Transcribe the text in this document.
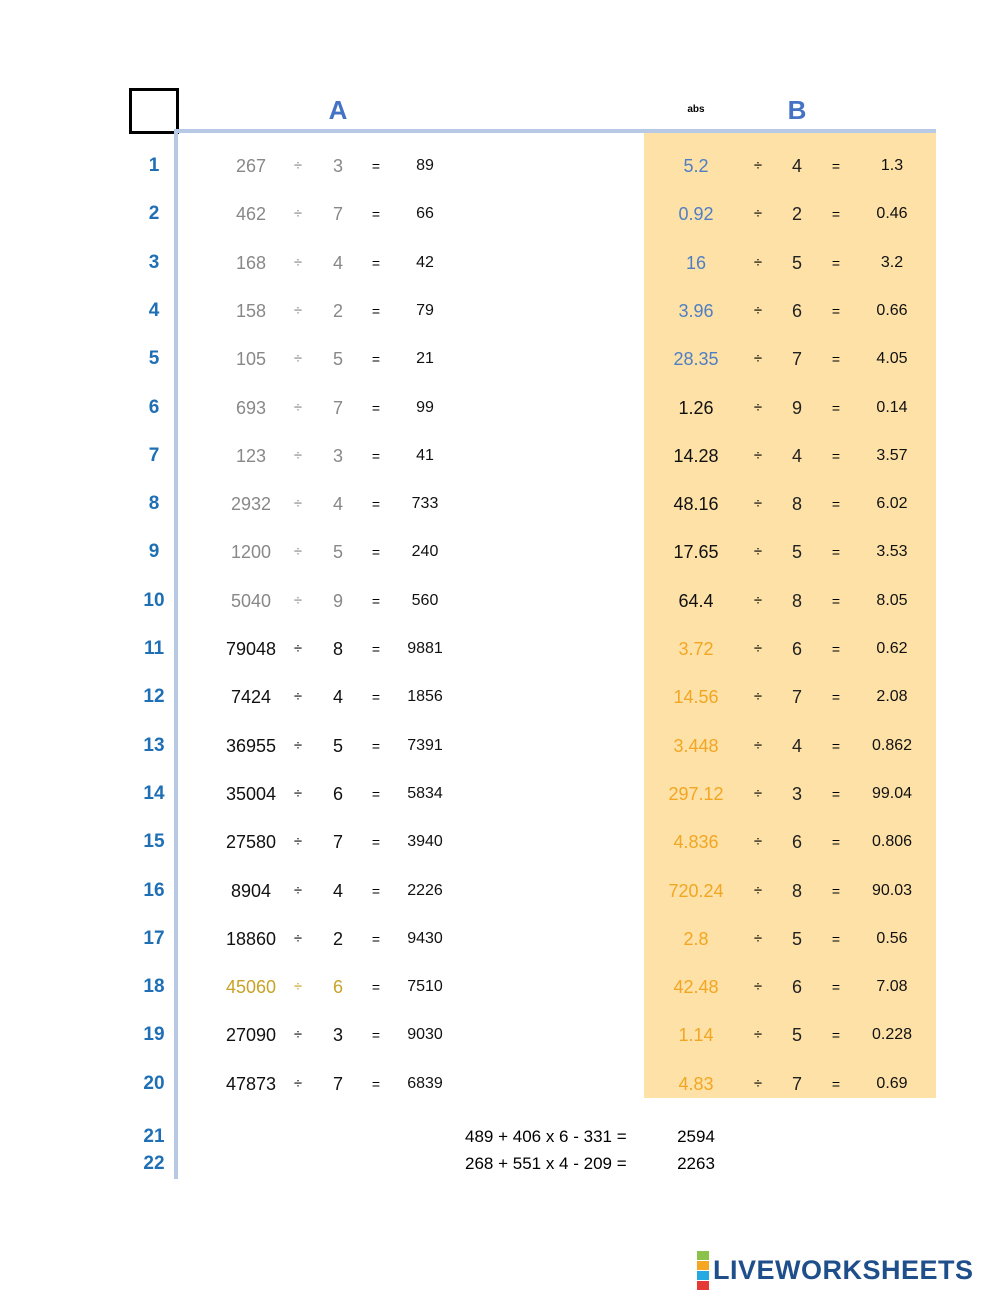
A	abs	B
1	267	÷	3	=	89	5.2	÷	4	=	1.3
2	462	÷	7	=	66	0.92	÷	2	=	0.46
3	168	÷	4	=	42	16	÷	5	=	3.2
4	158	÷	2	=	79	3.96	÷	6	=	0.66
5	105	÷	5	=	21	28.35	÷	7	=	4.05
6	693	÷	7	=	99	1.26	÷	9	=	0.14
7	123	÷	3	=	41	14.28	÷	4	=	3.57
8	2932	÷	4	=	733	48.16	÷	8	=	6.02
9	1200	÷	5	=	240	17.65	÷	5	=	3.53
10	5040	÷	9	=	560	64.4	÷	8	=	8.05
11	79048	÷	8	=	9881	3.72	÷	6	=	0.62
12	7424	÷	4	=	1856	14.56	÷	7	=	2.08
13	36955	÷	5	=	7391	3.448	÷	4	=	0.862
14	35004	÷	6	=	5834	297.12	÷	3	=	99.04
15	27580	÷	7	=	3940	4.836	÷	6	=	0.806
16	8904	÷	4	=	2226	720.24	÷	8	=	90.03
17	18860	÷	2	=	9430	2.8	÷	5	=	0.56
18	45060	÷	6	=	7510	42.48	÷	6	=	7.08
19	27090	÷	3	=	9030	1.14	÷	5	=	0.228
20	47873	÷	7	=	6839	4.83	÷	7	=	0.69
21	489 + 406 x 6 - 331 =	2594
22	268 + 551 x 4 - 209 =	2263
LIVEWORKSHEETS
